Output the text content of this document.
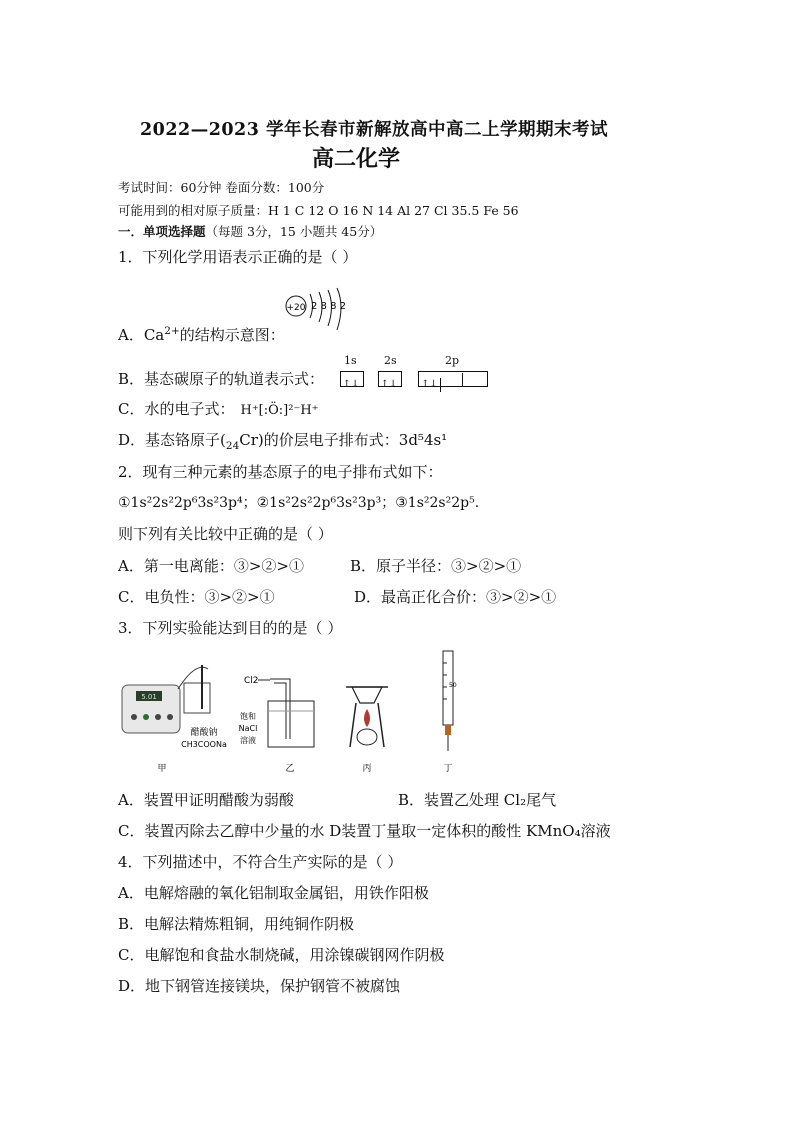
2022—2023 学年长春市新解放高中高二上学期期末考试
高二化学
考试时间：60分钟 卷面分数：100分
可能用到的相对原子质量：H 1 C 12 O 16 N 14 Al 27 Cl 35.5 Fe 56
一．单项选择题（每题 3分，15 小题共 45分）
1．下列化学用语表示正确的是（ ）
+20 2 8 8 2
A．$Ca^{2+}$的结构示意图：
B．基态碳原子的轨道表示式：
1s
↑↓
2s
↑↓
2p
↑↓
C．水的电子式： H⁺[:Ö:]²⁻H⁺
D．基态铬原子$(_{24}Cr)$的价层电子排布式：3d⁵4s¹
2．现有三种元素的基态原子的电子排布式如下：
①1s²2s²2p⁶3s²3p⁴；②1s²2s²2p⁶3s²3p³；③1s²2s²2p⁵.
则下列有关比较中正确的是（ ）
A．第一电离能：③>②>①	B．原子半径：③>②>①
C．电负性：③>②>①	D．最高正化合价：③>②>①
3．下列实验能达到目的的是（ ）
5.01
醋酸钠
CH3COONa
甲
Cl2
饱和
NaCl
溶液
乙	丙
50
丁
A．装置甲证明醋酸为弱酸	B．装置乙处理 Cl₂尾气
C．装置丙除去乙醇中少量的水 D装置丁量取一定体积的酸性 KMnO₄溶液
4．下列描述中，不符合生产实际的是（ ）
A．电解熔融的氧化铝制取金属铝，用铁作阳极
B．电解法精炼粗铜，用纯铜作阴极
C．电解饱和食盐水制烧碱，用涂镍碳钢网作阴极
D．地下钢管连接镁块，保护钢管不被腐蚀
